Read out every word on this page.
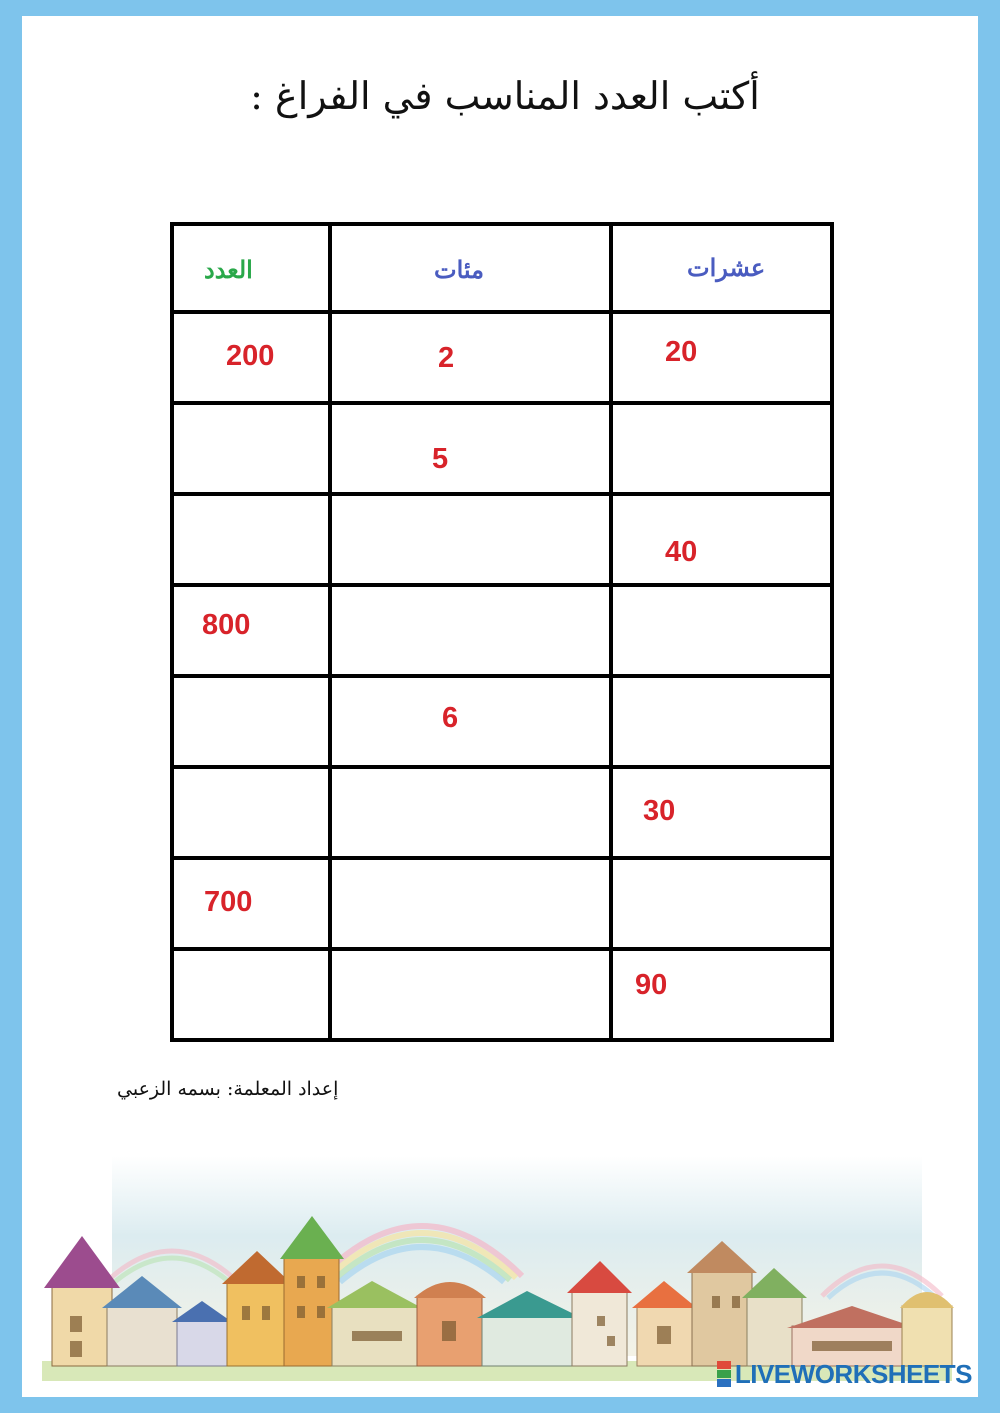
أكتب العدد المناسب في الفراغ :
العدد	مئات	عشرات

200	2	20

	5	

		40

800		

	6	

		30

700		

		90
إعداد المعلمة: بسمه الزعبي
LIVEWORKSHEETS
